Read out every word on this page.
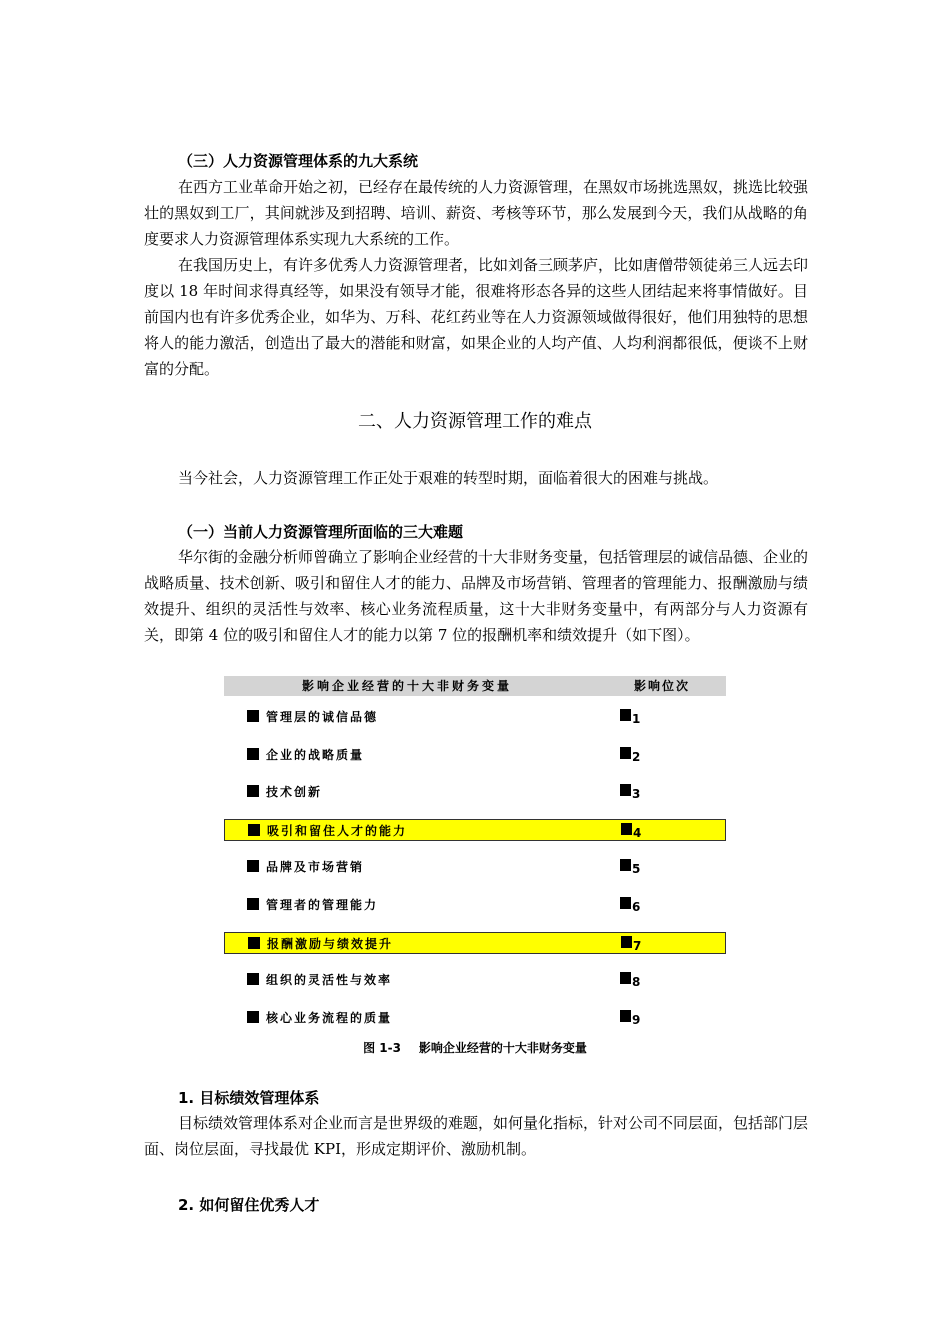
（三）人力资源管理体系的九大系统

在西方工业革命开始之初，已经存在最传统的人力资源管理，在黑奴市场挑选黑奴，挑选比较强壮的黑奴到工厂，其间就涉及到招聘、培训、薪资、考核等环节，那么发展到今天，我们从战略的角度要求人力资源管理体系实现九大系统的工作。

在我国历史上，有许多优秀人力资源管理者，比如刘备三顾茅庐，比如唐僧带领徒弟三人远去印度以 18 年时间求得真经等，如果没有领导才能，很难将形态各异的这些人团结起来将事情做好。目前国内也有许多优秀企业，如华为、万科、花红药业等在人力资源领域做得很好，他们用独特的思想将人的能力激活，创造出了最大的潜能和财富，如果企业的人均产值、人均利润都很低，便谈不上财富的分配。

二、人力资源管理工作的难点
当今社会，人力资源管理工作正处于艰难的转型时期，面临着很大的困难与挑战。
（一）当前人力资源管理所面临的三大难题

华尔街的金融分析师曾确立了影响企业经营的十大非财务变量，包括管理层的诚信品德、企业的战略质量、技术创新、吸引和留住人才的能力、品牌及市场营销、管理者的管理能力、报酬激励与绩效提升、组织的灵活性与效率、核心业务流程质量，这十大非财务变量中，有两部分与人力资源有关，即第 4 位的吸引和留住人才的能力以第 7 位的报酬机率和绩效提升（如下图）。

影响企业经营的十大非财务变量	影响位次
管理层的诚信品德	1
企业的战略质量	2
技术创新	3
吸引和留住人才的能力	4
品牌及市场营销	5
管理者的管理能力	6
报酬激励与绩效提升	7
组织的灵活性与效率	8
核心业务流程的质量	9
图 1-3 影响企业经营的十大非财务变量
1. 目标绩效管理体系

目标绩效管理体系对企业而言是世界级的难题，如何量化指标，针对公司不同层面，包括部门层面、岗位层面，寻找最优 KPI，形成定期评价、激励机制。

2. 如何留住优秀人才
